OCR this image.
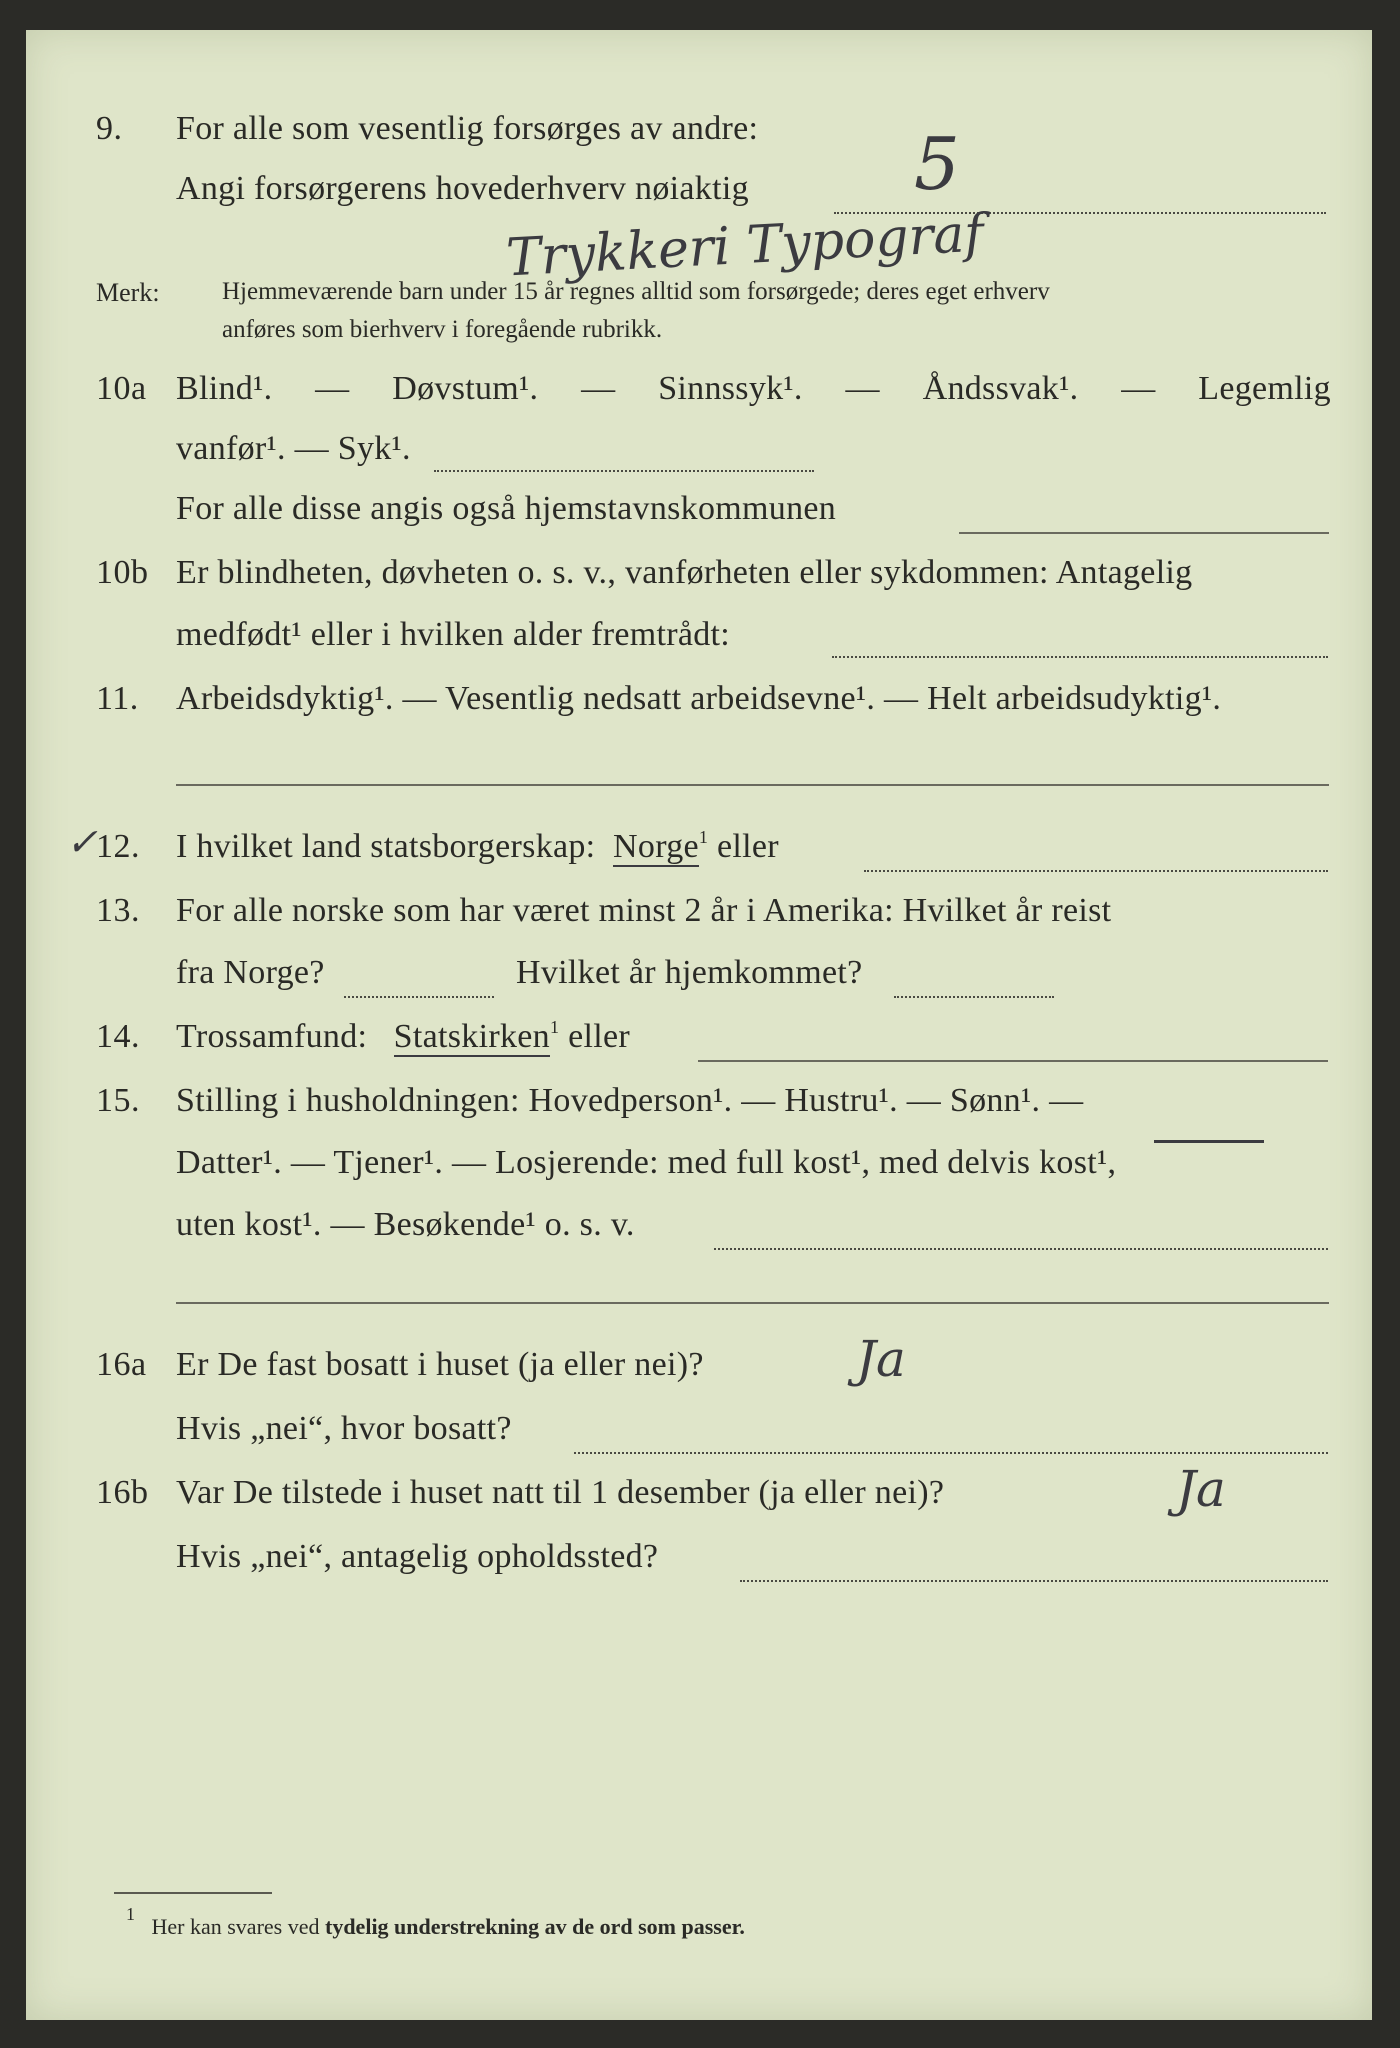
9. For alle som vesentlig forsørges av andre:
Angi forsørgerens hovederhverv nøiaktig
Trykkeri Typograf
5
Merk: Hjemmeværende barn under 15 år regnes alltid som forsørgede; deres eget erhverv
anføres som bierhverv i foregående rubrikk.
10a Blind¹. — Døvstum¹. — Sinnssyk¹. — Åndssvak¹. — Legemlig
vanfør¹. — Syk¹.
For alle disse angis også hjemstavnskommunen
10b Er blindheten, døvheten o. s. v., vanførheten eller sykdommen: Antagelig
medfødt¹ eller i hvilken alder fremtrådt:
11. Arbeidsdyktig¹. — Vesentlig nedsatt arbeidsevne¹. — Helt arbeidsudyktig¹.
✓
12. I hvilket land statsborgerskap: Norge$^1$ eller
13. For alle norske som har været minst 2 år i Amerika: Hvilket år reist
fra Norge?	Hvilket år hjemkommet?
14. Trossamfund: Statskirken$^1$ eller
15. Stilling i husholdningen: Hovedperson¹. — Hustru¹. — Sønn¹. —
Datter¹. — Tjener¹. — Losjerende: med full kost¹, med delvis kost¹,
uten kost¹. — Besøkende¹ o. s. v.
16a Er De fast bosatt i huset (ja eller nei)?	Ja
Hvis „nei“, hvor bosatt?
16b Var De tilstede i huset natt til 1 desember (ja eller nei)?	Ja
Hvis „nei“, antagelig opholdssted?
$^1$ Her kan svares ved tydelig understrekning av de ord som passer.
